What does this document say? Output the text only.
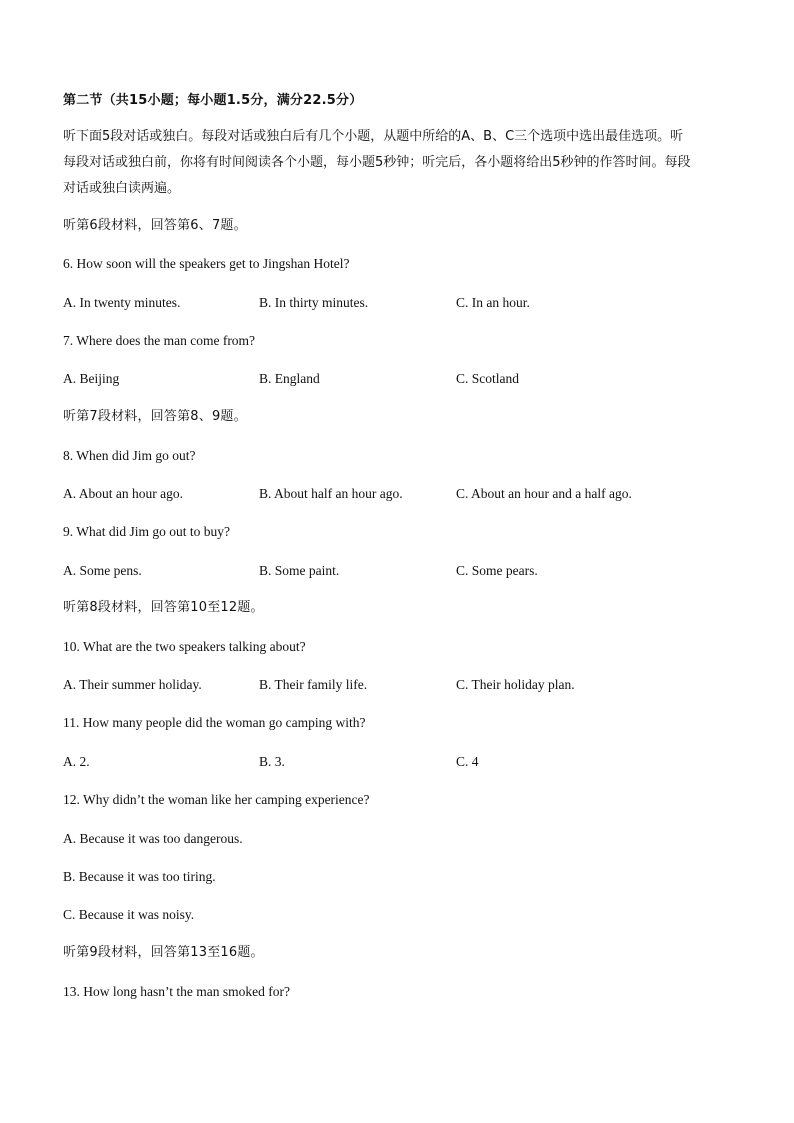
第二节（共15小题；每小题1.5分，满分22.5分）
听下面5段对话或独白。每段对话或独白后有几个小题，从题中所给的A、B、C三个选项中选出最佳选项。听
每段对话或独白前，你将有时间阅读各个小题，每小题5秒钟；听完后，各小题将给出5秒钟的作答时间。每段
对话或独白读两遍。
听第6段材料，回答第6、7题。
6. How soon will the speakers get to Jingshan Hotel?
A. In twenty minutes.	B. In thirty minutes.	C. In an hour.
7. Where does the man come from?
A. Beijing	B. England	C. Scotland
听第7段材料，回答第8、9题。
8. When did Jim go out?
A. About an hour ago.	B. About half an hour ago.	C. About an hour and a half ago.
9. What did Jim go out to buy?
A. Some pens.	B. Some paint.	C. Some pears.
听第8段材料，回答第10至12题。
10. What are the two speakers talking about?
A. Their summer holiday.	B. Their family life.	C. Their holiday plan.
11. How many people did the woman go camping with?
A. 2.	B. 3.	C. 4
12. Why didn’t the woman like her camping experience?
A. Because it was too dangerous.
B. Because it was too tiring.
C. Because it was noisy.
听第9段材料，回答第13至16题。
13. How long hasn’t the man smoked for?
